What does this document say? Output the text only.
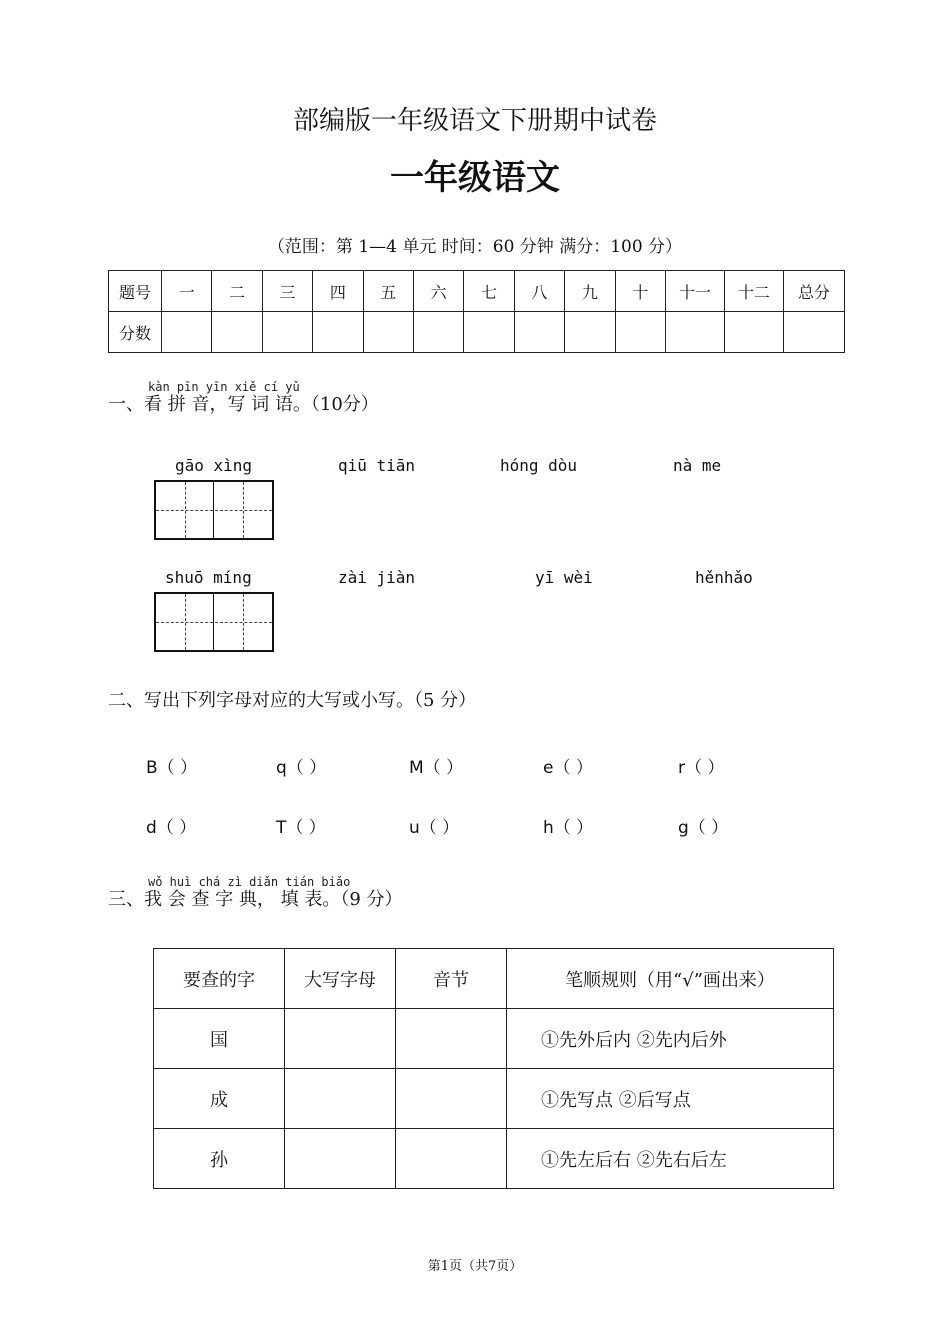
部编版一年级语文下册期中试卷
一年级语文
（范围：第 1—4 单元 时间：60 分钟 满分：100 分）
题号	一	二	三	四	五	六	七	八	九	十	十一	十二	总分
分数													
kàn pīn yīn xiě cí yǔ
一、看 拼 音，写 词 语。（10分）
gāo xìng	qiū tiān	hóng dòu	nà me
shuō míng	zài jiàn	yī wèi	hěnhǎo
二、写出下列字母对应的大写或小写。（5 分）
B（ ）	q（ ）	M（ ）	e（ ）	r（ ）
d（ ）	T（ ）	u（ ）	h（ ）	g（ ）
wǒ huì chá zì diǎn tián biǎo
三、我 会 查 字 典， 填 表。（9 分）
要查的字	大写字母	音节	笔顺规则（用“√”画出来）
国			①先外后内 ②先内后外
成			①先写点 ②后写点
孙			①先左后右 ②先右后左
第1页（共7页）
